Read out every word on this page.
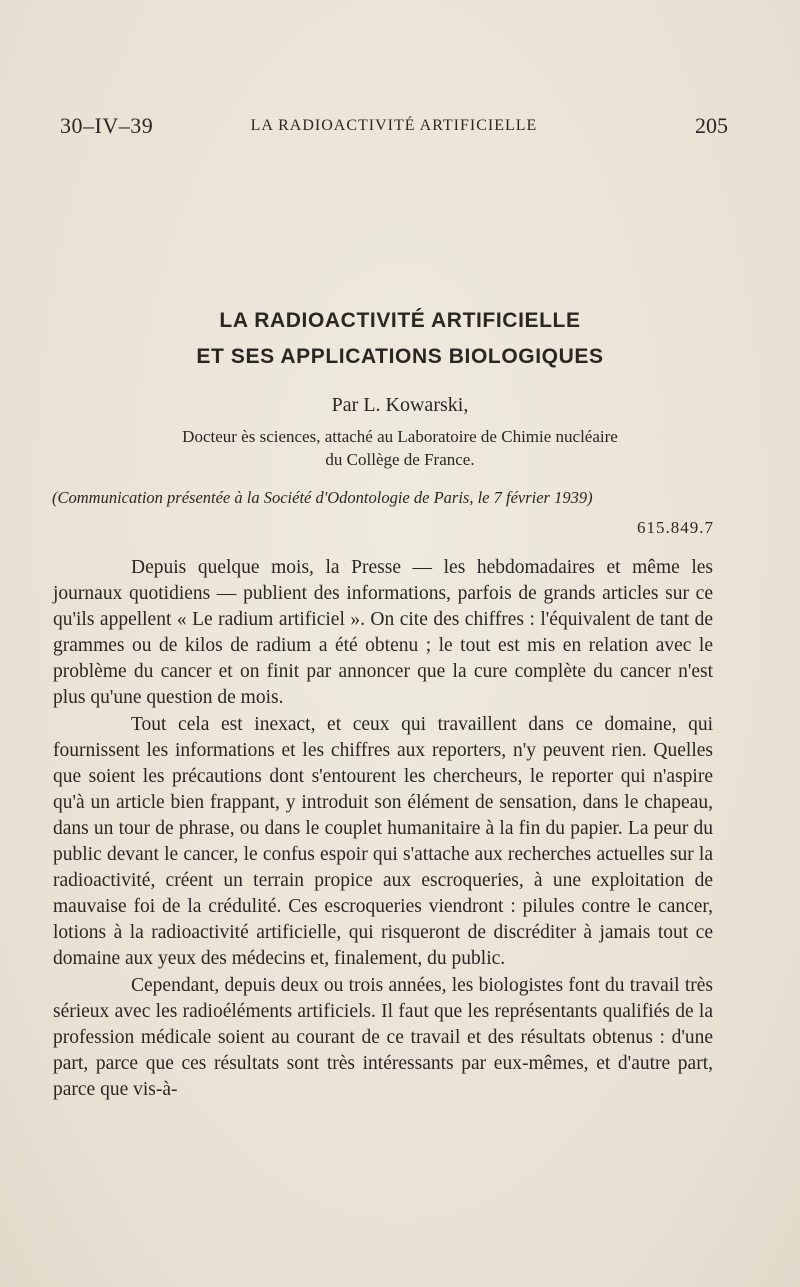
30–IV–39	LA RADIOACTIVITÉ ARTIFICIELLE	205
LA RADIOACTIVITÉ ARTIFICIELLE
ET SES APPLICATIONS BIOLOGIQUES
Par L. Kowarski,
Docteur ès sciences, attaché au Laboratoire de Chimie nucléaire
du Collège de France.
(Communication présentée à la Société d'Odontologie de Paris, le 7 février 1939)
615.849.7

Depuis quelque mois, la Presse — les hebdomadaires et même les journaux quotidiens — publient des informations, parfois de grands articles sur ce qu'ils appellent « Le radium artificiel ». On cite des chiffres : l'équivalent de tant de grammes ou de kilos de radium a été obtenu ; le tout est mis en relation avec le problème du cancer et on finit par annoncer que la cure complète du cancer n'est plus qu'une question de mois.

Tout cela est inexact, et ceux qui travaillent dans ce domaine, qui fournissent les informations et les chiffres aux reporters, n'y peuvent rien. Quelles que soient les précautions dont s'entourent les chercheurs, le reporter qui n'aspire qu'à un article bien frappant, y introduit son élément de sensation, dans le chapeau, dans un tour de phrase, ou dans le couplet humanitaire à la fin du papier. La peur du public devant le cancer, le confus espoir qui s'attache aux recherches actuelles sur la radioactivité, créent un terrain propice aux escroqueries, à une exploitation de mauvaise foi de la crédulité. Ces escroqueries viendront : pilules contre le cancer, lotions à la radioactivité artificielle, qui risqueront de discréditer à jamais tout ce domaine aux yeux des médecins et, finalement, du public.

Cependant, depuis deux ou trois années, les biologistes font du travail très sérieux avec les radioéléments artificiels. Il faut que les représentants qualifiés de la profession médicale soient au courant de ce travail et des résultats obtenus : d'une part, parce que ces résultats sont très intéressants par eux-mêmes, et d'autre part, parce que vis-à-
